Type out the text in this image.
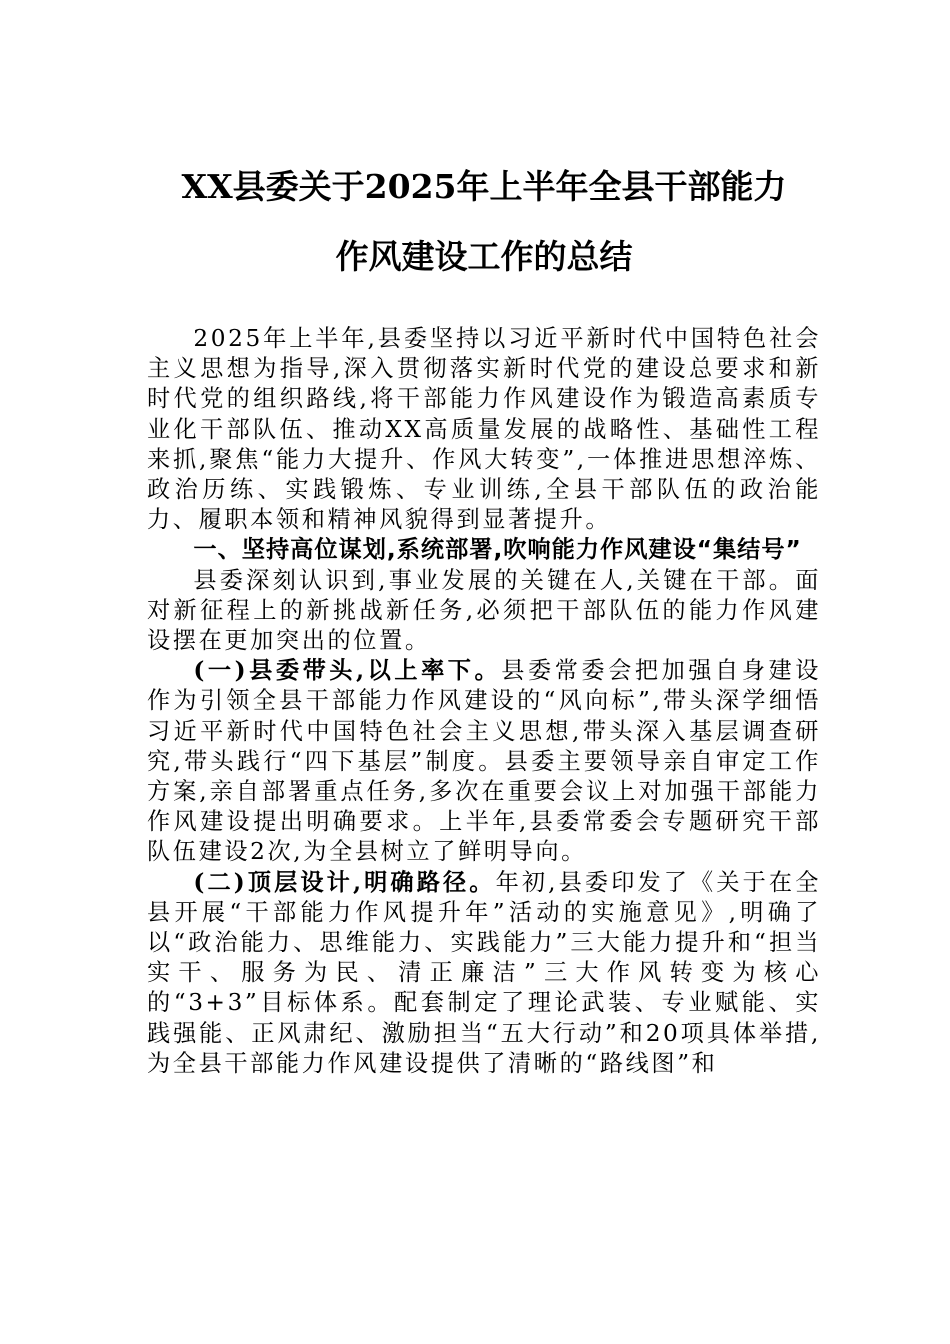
XX县委关于2025年上半年全县干部能力
作风建设工作的总结

2025年上半年,县委坚持以习近平新时代中国特色社会主义思想为指导,深入贯彻落实新时代党的建设总要求和新时代党的组织路线,将干部能力作风建设作为锻造高素质专业化干部队伍、推动XX高质量发展的战略性、基础性工程来抓,聚焦“能力大提升、作风大转变”,一体推进思想淬炼、政治历练、实践锻炼、专业训练,全县干部队伍的政治能力、履职本领和精神风貌得到显著提升。

一、坚持高位谋划,系统部署,吹响能力作风建设“集结号”

县委深刻认识到,事业发展的关键在人,关键在干部。面对新征程上的新挑战新任务,必须把干部队伍的能力作风建设摆在更加突出的位置。

(一)县委带头,以上率下。县委常委会把加强自身建设作为引领全县干部能力作风建设的“风向标”,带头深学细悟习近平新时代中国特色社会主义思想,带头深入基层调查研究,带头践行“四下基层”制度。县委主要领导亲自审定工作方案,亲自部署重点任务,多次在重要会议上对加强干部能力作风建设提出明确要求。上半年,县委常委会专题研究干部队伍建设2次,为全县树立了鲜明导向。

(二)顶层设计,明确路径。年初,县委印发了《关于在全县开展“干部能力作风提升年”活动的实施意见》,明确了以“政治能力、思维能力、实践能力”三大能力提升和“担当实干、服务为民、清正廉洁”三大作风转变为核心的“3+3”目标体系。配套制定了理论武装、专业赋能、实践强能、正风肃纪、激励担当“五大行动”和20项具体举措,为全县干部能力作风建设提供了清晰的“路线图”和
